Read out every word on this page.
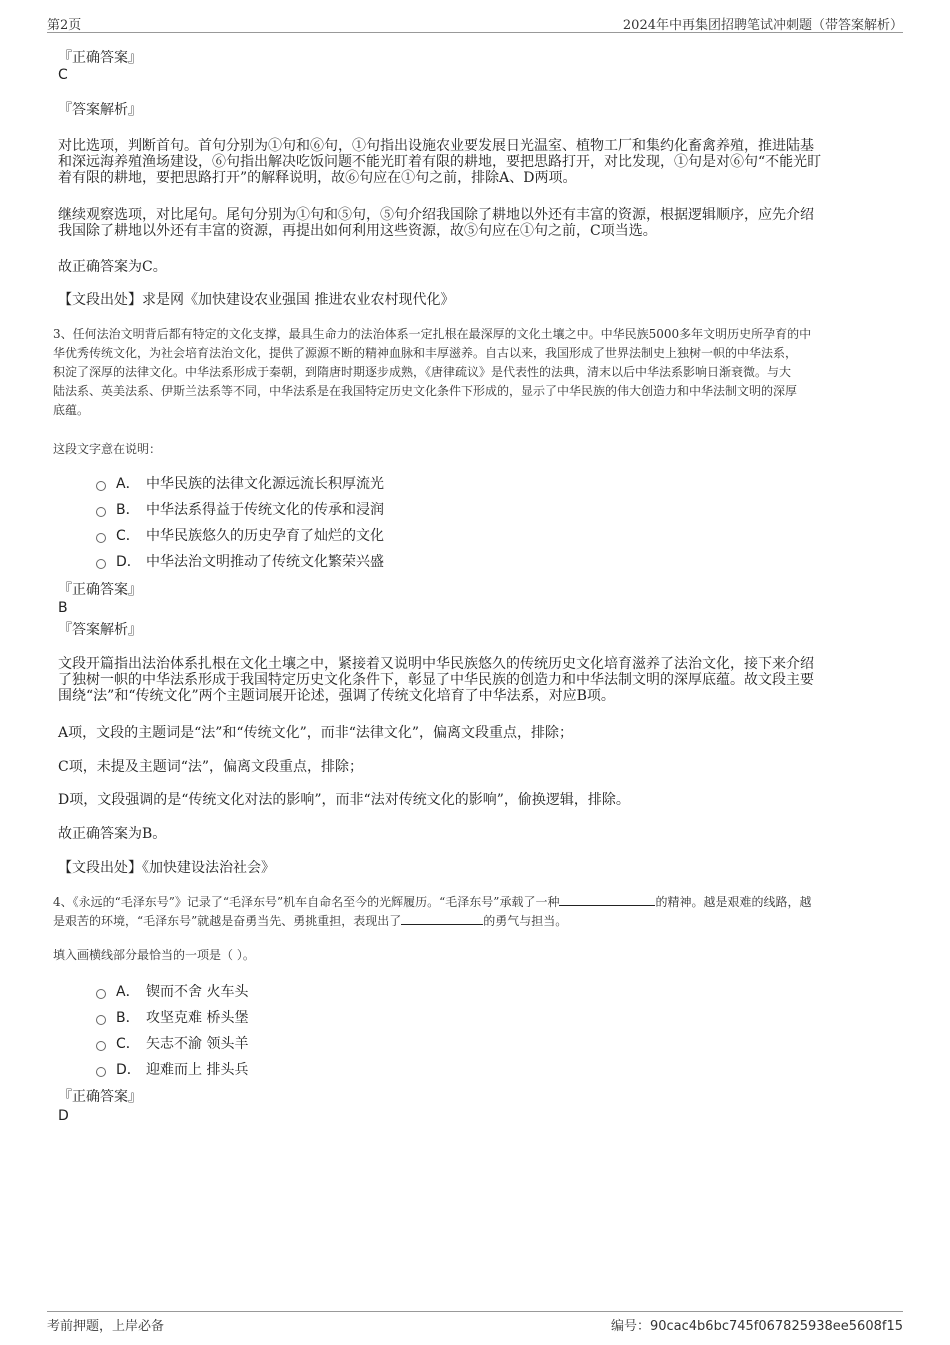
第2页	2024年中再集团招聘笔试冲刺题（带答案解析）
『正确答案』
C
『答案解析』
对比选项，判断首句。首句分别为①句和⑥句，①句指出设施农业要发展日光温室、植物工厂和集约化畜禽养殖，推进陆基
和深远海养殖渔场建设，⑥句指出解决吃饭问题不能光盯着有限的耕地，要把思路打开，对比发现，①句是对⑥句“不能光盯
着有限的耕地，要把思路打开”的解释说明，故⑥句应在①句之前，排除A、D两项。
继续观察选项，对比尾句。尾句分别为①句和⑤句，⑤句介绍我国除了耕地以外还有丰富的资源，根据逻辑顺序，应先介绍
我国除了耕地以外还有丰富的资源，再提出如何利用这些资源，故⑤句应在①句之前，C项当选。
故正确答案为C。
【文段出处】求是网《加快建设农业强国 推进农业农村现代化》
3、任何法治文明背后都有特定的文化支撑，最具生命力的法治体系一定扎根在最深厚的文化土壤之中。中华民族5000多年文明历史所孕育的中
华优秀传统文化，为社会培育法治文化，提供了源源不断的精神血脉和丰厚滋养。自古以来，我国形成了世界法制史上独树一帜的中华法系，
积淀了深厚的法律文化。中华法系形成于秦朝，到隋唐时期逐步成熟，《唐律疏议》是代表性的法典，清末以后中华法系影响日渐衰微。与大
陆法系、英美法系、伊斯兰法系等不同，中华法系是在我国特定历史文化条件下形成的，显示了中华民族的伟大创造力和中华法制文明的深厚
底蕴。
这段文字意在说明：
A． 中华民族的法律文化源远流长积厚流光
B． 中华法系得益于传统文化的传承和浸润
C． 中华民族悠久的历史孕育了灿烂的文化
D． 中华法治文明推动了传统文化繁荣兴盛
『正确答案』
B
『答案解析』
文段开篇指出法治体系扎根在文化土壤之中，紧接着又说明中华民族悠久的传统历史文化培育滋养了法治文化，接下来介绍
了独树一帜的中华法系形成于我国特定历史文化条件下，彰显了中华民族的创造力和中华法制文明的深厚底蕴。故文段主要
围绕“法”和“传统文化”两个主题词展开论述，强调了传统文化培育了中华法系，对应B项。
A项，文段的主题词是“法”和“传统文化”，而非“法律文化”，偏离文段重点，排除；
C项，未提及主题词“法”，偏离文段重点，排除；
D项，文段强调的是“传统文化对法的影响”，而非“法对传统文化的影响”，偷换逻辑，排除。
故正确答案为B。
【文段出处】《加快建设法治社会》
4、《永远的“毛泽东号”》记录了“毛泽东号”机车自命名至今的光辉履历。“毛泽东号”承载了一种	的精神。越是艰难的线路，越
是艰苦的环境，“毛泽东号”就越是奋勇当先、勇挑重担，表现出了	的勇气与担当。
填入画横线部分最恰当的一项是（ ）。
A． 锲而不舍 火车头
B． 攻坚克难 桥头堡
C． 矢志不渝 领头羊
D． 迎难而上 排头兵
『正确答案』
D
考前押题，上岸必备	编号：90cac4b6bc745f067825938ee5608f15
